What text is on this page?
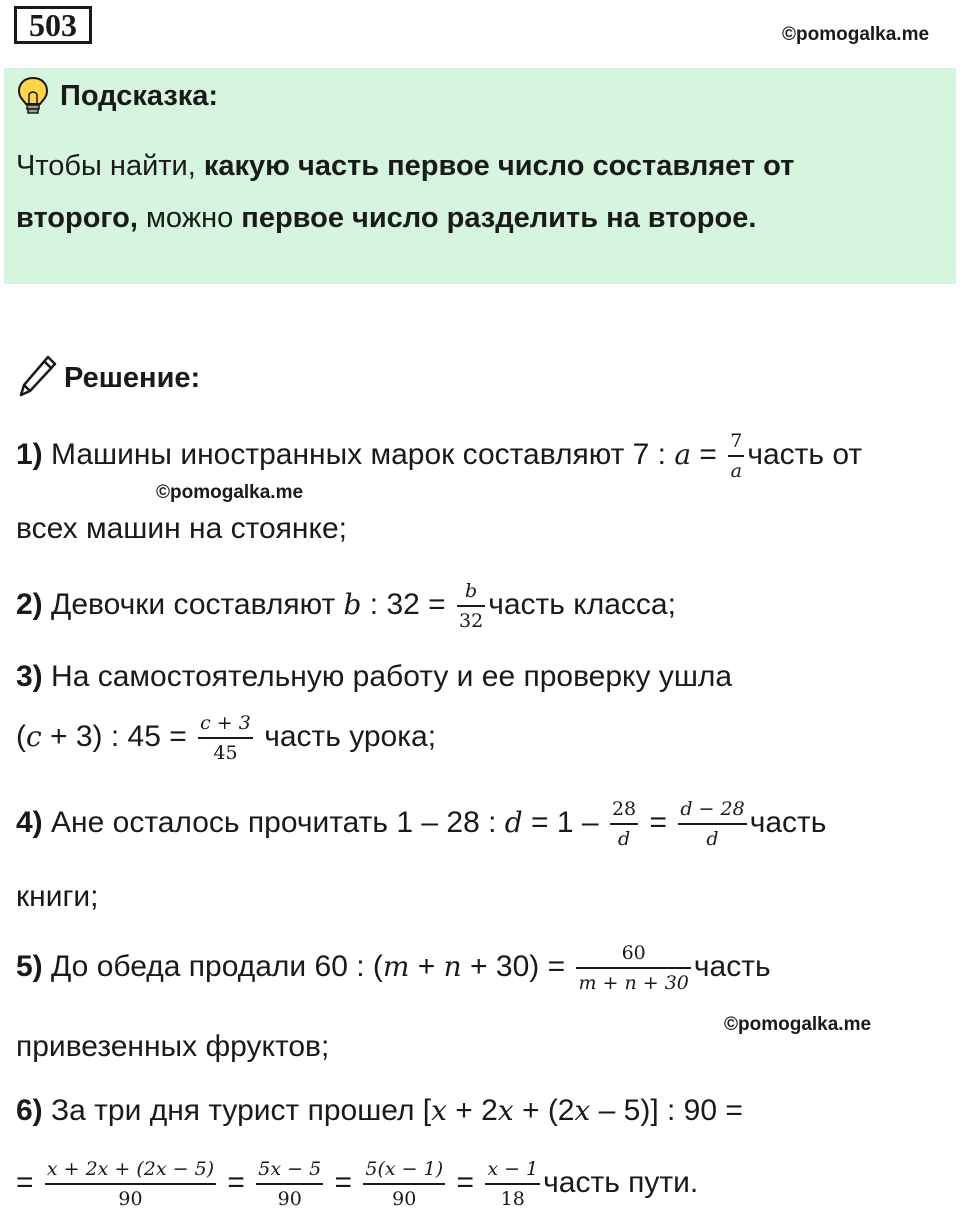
503	©pomogalka.me
Подсказка:
Чтобы найти, какую часть первое число составляет от второго, можно первое число разделить на второе.
Решение:
1) Машины иностранных марок составляют 7 : $a = \frac{7}{a}$ часть от
©pomogalka.me
всех машин на стоянке;
2) Девочки составляют b : $32 = \frac{b}{32}$ часть класса;
3) На самостоятельную работу и ее проверку ушла
(c + 3) : $45 = \frac{c + 3}{45}$ часть урока;
4) Ане осталось прочитать 1 – 28 : $d = 1 - \frac{28}{d} = \frac{d - 28}{d}$ часть
книги;
5) До обеда продали 60 : $(m + n + 30) = \frac{60}{m + n + 30}$ часть
©pomogalka.me
привезенных фруктов;
6) За три дня турист прошел [x + 2x + (2x – 5)] : 90 =
= $\frac{x + 2x + (2x - 5)}{90} = \frac{5x - 5}{90} = \frac{5(x - 1)}{90} = \frac{x - 1}{18}$ часть пути.
